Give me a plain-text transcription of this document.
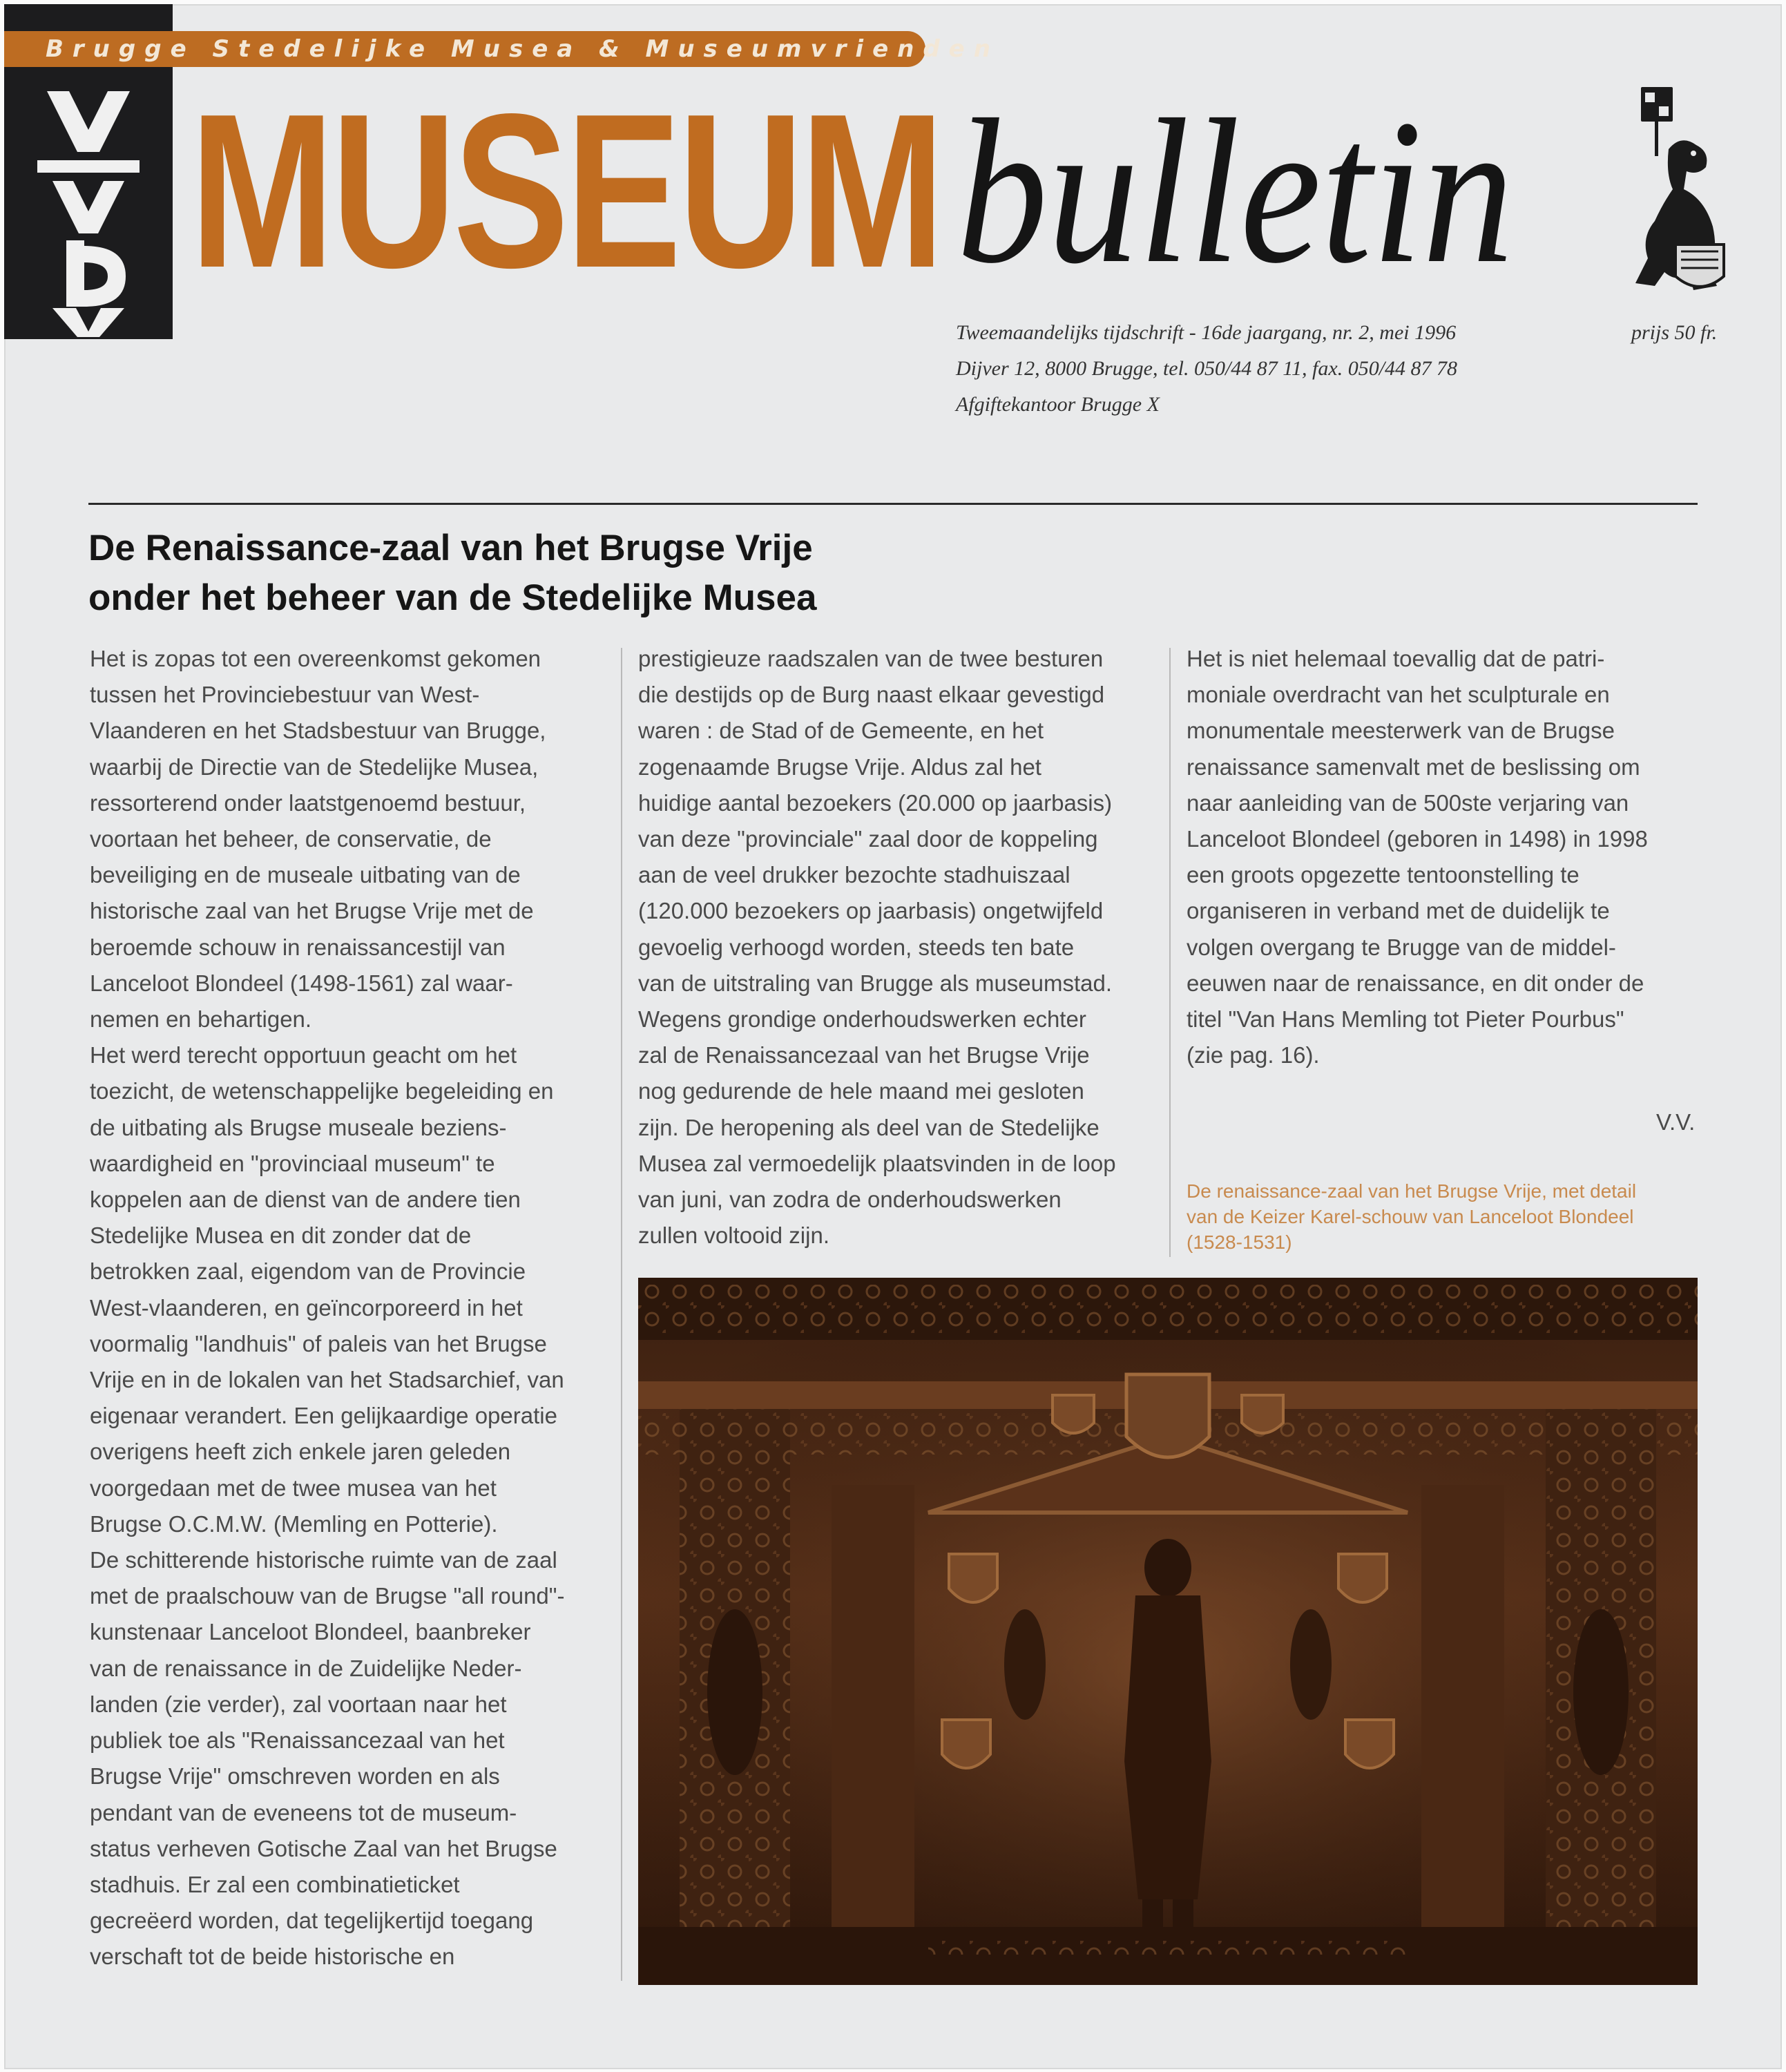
Brugge Stedelijke Musea & Museumvrienden
MUSEUM bulletin
Tweemaandelijks tijdschrift - 16de jaargang, nr. 2, mei 1996
Dijver 12, 8000 Brugge, tel. 050/44 87 11, fax. 050/44 87 78
Afgiftekantoor Brugge X
prijs 50 fr.
De Renaissance-zaal van het Brugse Vrije
onder het beheer van de Stedelijke Musea

Het is zopas tot een overeenkomst gekomen

tussen het Provinciebestuur van West-

Vlaanderen en het Stadsbestuur van Brugge,

waarbij de Directie van de Stedelijke Musea,

ressorterend onder laatstgenoemd bestuur,

voortaan het beheer, de conservatie, de

beveiliging en de museale uitbating van de

historische zaal van het Brugse Vrije met de

beroemde schouw in renaissancestijl van

Lanceloot Blondeel (1498-1561) zal waar-

nemen en behartigen.

Het werd terecht opportuun geacht om het

toezicht, de wetenschappelijke begeleiding en

de uitbating als Brugse museale beziens-

waardigheid en "provinciaal museum" te

koppelen aan de dienst van de andere tien

Stedelijke Musea en dit zonder dat de

betrokken zaal, eigendom van de Provincie

West-vlaanderen, en geïncorporeerd in het

voormalig "landhuis" of paleis van het Brugse

Vrije en in de lokalen van het Stadsarchief, van

eigenaar verandert. Een gelijkaardige operatie

overigens heeft zich enkele jaren geleden

voorgedaan met de twee musea van het

Brugse O.C.M.W. (Memling en Potterie).

De schitterende historische ruimte van de zaal

met de praalschouw van de Brugse "all round"-

kunstenaar Lanceloot Blondeel, baanbreker

van de renaissance in de Zuidelijke Neder-

landen (zie verder), zal voortaan naar het

publiek toe als "Renaissancezaal van het

Brugse Vrije" omschreven worden en als

pendant van de eveneens tot de museum-

status verheven Gotische Zaal van het Brugse

stadhuis. Er zal een combinatieticket

gecreëerd worden, dat tegelijkertijd toegang

verschaft tot de beide historische en

prestigieuze raadszalen van de twee besturen

die destijds op de Burg naast elkaar gevestigd

waren : de Stad of de Gemeente, en het

zogenaamde Brugse Vrije. Aldus zal het

huidige aantal bezoekers (20.000 op jaarbasis)

van deze "provinciale" zaal door de koppeling

aan de veel drukker bezochte stadhuiszaal

(120.000 bezoekers op jaarbasis) ongetwijfeld

gevoelig verhoogd worden, steeds ten bate

van de uitstraling van Brugge als museumstad.

Wegens grondige onderhoudswerken echter

zal de Renaissancezaal van het Brugse Vrije

nog gedurende de hele maand mei gesloten

zijn. De heropening als deel van de Stedelijke

Musea zal vermoedelijk plaatsvinden in de loop

van juni, van zodra de onderhoudswerken

zullen voltooid zijn.

Het is niet helemaal toevallig dat de patri-

moniale overdracht van het sculpturale en

monumentale meesterwerk van de Brugse

renaissance samenvalt met de beslissing om

naar aanleiding van de 500ste verjaring van

Lanceloot Blondeel (geboren in 1498) in 1998

een groots opgezette tentoonstelling te

organiseren in verband met de duidelijk te

volgen overgang te Brugge van de middel-

eeuwen naar de renaissance, en dit onder de

titel "Van Hans Memling tot Pieter Pourbus"

(zie pag. 16).

V.V.

De renaissance-zaal van het Brugse Vrije, met detail

van de Keizer Karel-schouw van Lanceloot Blondeel

(1528-1531)
